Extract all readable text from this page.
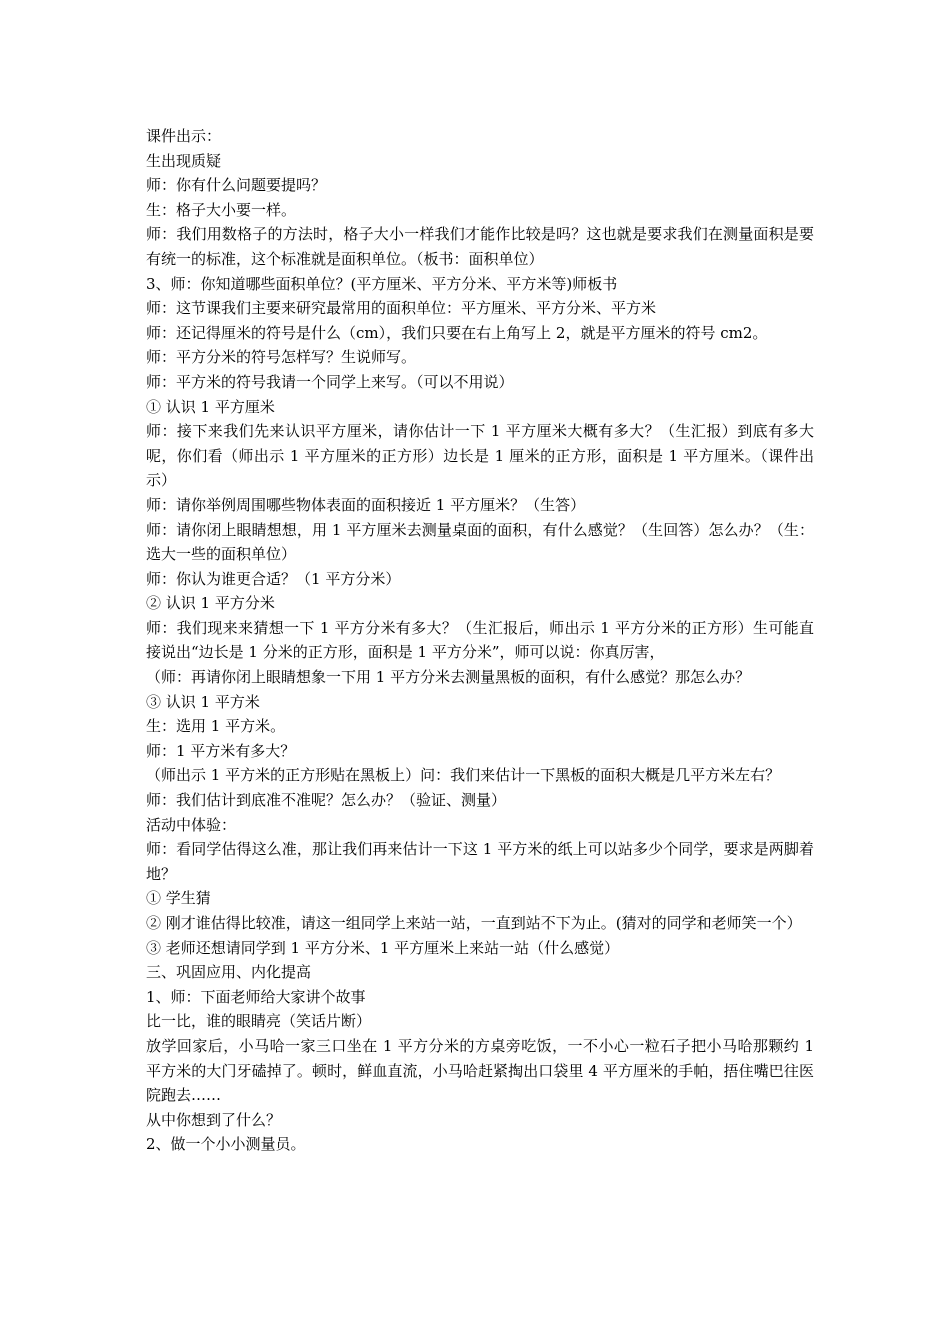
课件出示：

生出现质疑

师：你有什么问题要提吗？

生：格子大小要一样。

师：我们用数格子的方法时，格子大小一样我们才能作比较是吗？这也就是要求我们在测量面积是要有统一的标准，这个标准就是面积单位。（板书：面积单位）

3、师：你知道哪些面积单位？(平方厘米、平方分米、平方米等)师板书

师：这节课我们主要来研究最常用的面积单位：平方厘米、平方分米、平方米

师：还记得厘米的符号是什么（cm），我们只要在右上角写上 2，就是平方厘米的符号 cm2。

师：平方分米的符号怎样写？生说师写。

师：平方米的符号我请一个同学上来写。（可以不用说）

① 认识 1 平方厘米

师：接下来我们先来认识平方厘米，请你估计一下 1 平方厘米大概有多大？（生汇报）到底有多大呢，你们看（师出示 1 平方厘米的正方形）边长是 1 厘米的正方形，面积是 1 平方厘米。（课件出示）

师：请你举例周围哪些物体表面的面积接近 1 平方厘米？（生答）

师：请你闭上眼睛想想，用 1 平方厘米去测量桌面的面积，有什么感觉？（生回答）怎么办？（生：选大一些的面积单位）

师：你认为谁更合适？（1 平方分米）

② 认识 1 平方分米

师：我们现来来猜想一下 1 平方分米有多大？（生汇报后，师出示 1 平方分米的正方形）生可能直接说出“边长是 1 分米的正方形，面积是 1 平方分米”，师可以说：你真厉害，

（师：再请你闭上眼睛想象一下用 1 平方分米去测量黑板的面积，有什么感觉？那怎么办？

③ 认识 1 平方米

生：选用 1 平方米。

师：1 平方米有多大？

（师出示 1 平方米的正方形贴在黑板上）问：我们来估计一下黑板的面积大概是几平方米左右？

师：我们估计到底准不准呢？怎么办？（验证、测量）

活动中体验：

师：看同学估得这么准，那让我们再来估计一下这 1 平方米的纸上可以站多少个同学，要求是两脚着地？

① 学生猜

② 刚才谁估得比较准，请这一组同学上来站一站，一直到站不下为止。(猜对的同学和老师笑一个）

③ 老师还想请同学到 1 平方分米、1 平方厘米上来站一站（什么感觉）

三、巩固应用、内化提高

1、师：下面老师给大家讲个故事

比一比，谁的眼睛亮（笑话片断）

放学回家后，小马哈一家三口坐在 1 平方分米的方桌旁吃饭，一不小心一粒石子把小马哈那颗约 1 平方米的大门牙磕掉了。顿时，鲜血直流，小马哈赶紧掏出口袋里 4 平方厘米的手帕，捂住嘴巴往医院跑去……

从中你想到了什么？

2、做一个小小测量员。
